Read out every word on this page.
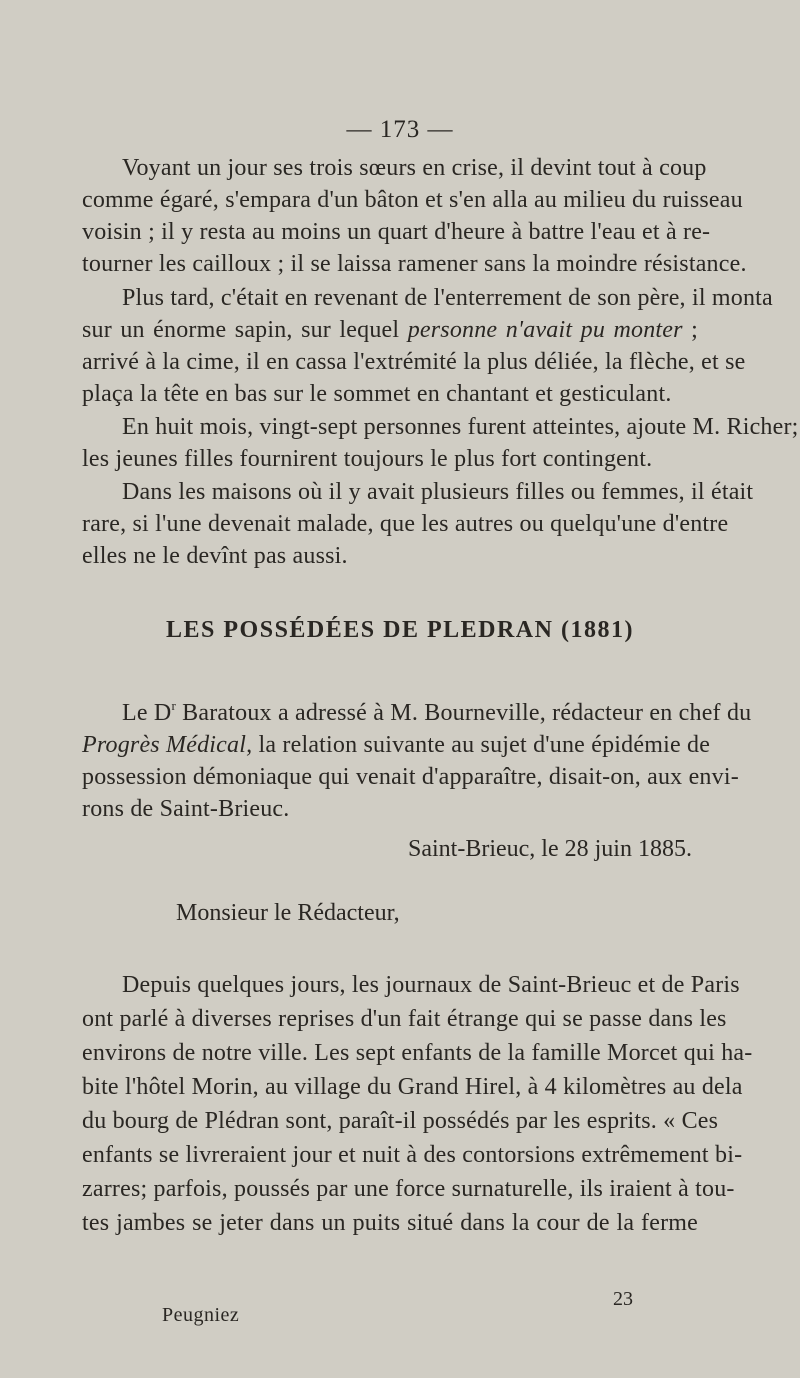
— 173 —
Voyant un jour ses trois sœurs en crise, il devint tout à coup
comme égaré, s'empara d'un bâton et s'en alla au milieu du ruisseau
voisin ; il y resta au moins un quart d'heure à battre l'eau et à re-
tourner les cailloux ; il se laissa ramener sans la moindre résistance.
Plus tard, c'était en revenant de l'enterrement de son père, il monta
sur un énorme sapin, sur lequel personne n'avait pu monter ;
arrivé à la cime, il en cassa l'extrémité la plus déliée, la flèche, et se
plaça la tête en bas sur le sommet en chantant et gesticulant.
En huit mois, vingt-sept personnes furent atteintes, ajoute M. Richer;
les jeunes filles fournirent toujours le plus fort contingent.
Dans les maisons où il y avait plusieurs filles ou femmes, il était
rare, si l'une devenait malade, que les autres ou quelqu'une d'entre
elles ne le devînt pas aussi.
LES POSSÉDÉES DE PLEDRAN (1881)
Le $D^r$ Baratoux a adressé à M. Bourneville, rédacteur en chef du
Progrès Médical, la relation suivante au sujet d'une épidémie de
possession démoniaque qui venait d'apparaître, disait-on, aux envi-
rons de Saint-Brieuc.
Saint-Brieuc, le 28 juin 1885.
Monsieur le Rédacteur,
Depuis quelques jours, les journaux de Saint-Brieuc et de Paris
ont parlé à diverses reprises d'un fait étrange qui se passe dans les
environs de notre ville. Les sept enfants de la famille Morcet qui ha-
bite l'hôtel Morin, au village du Grand Hirel, à 4 kilomètres au dela
du bourg de Plédran sont, paraît-il possédés par les esprits. « Ces
enfants se livreraient jour et nuit à des contorsions extrêmement bi-
zarres; parfois, poussés par une force surnaturelle, ils iraient à tou-
tes jambes se jeter dans un puits situé dans la cour de la ferme
23
Peugniez
